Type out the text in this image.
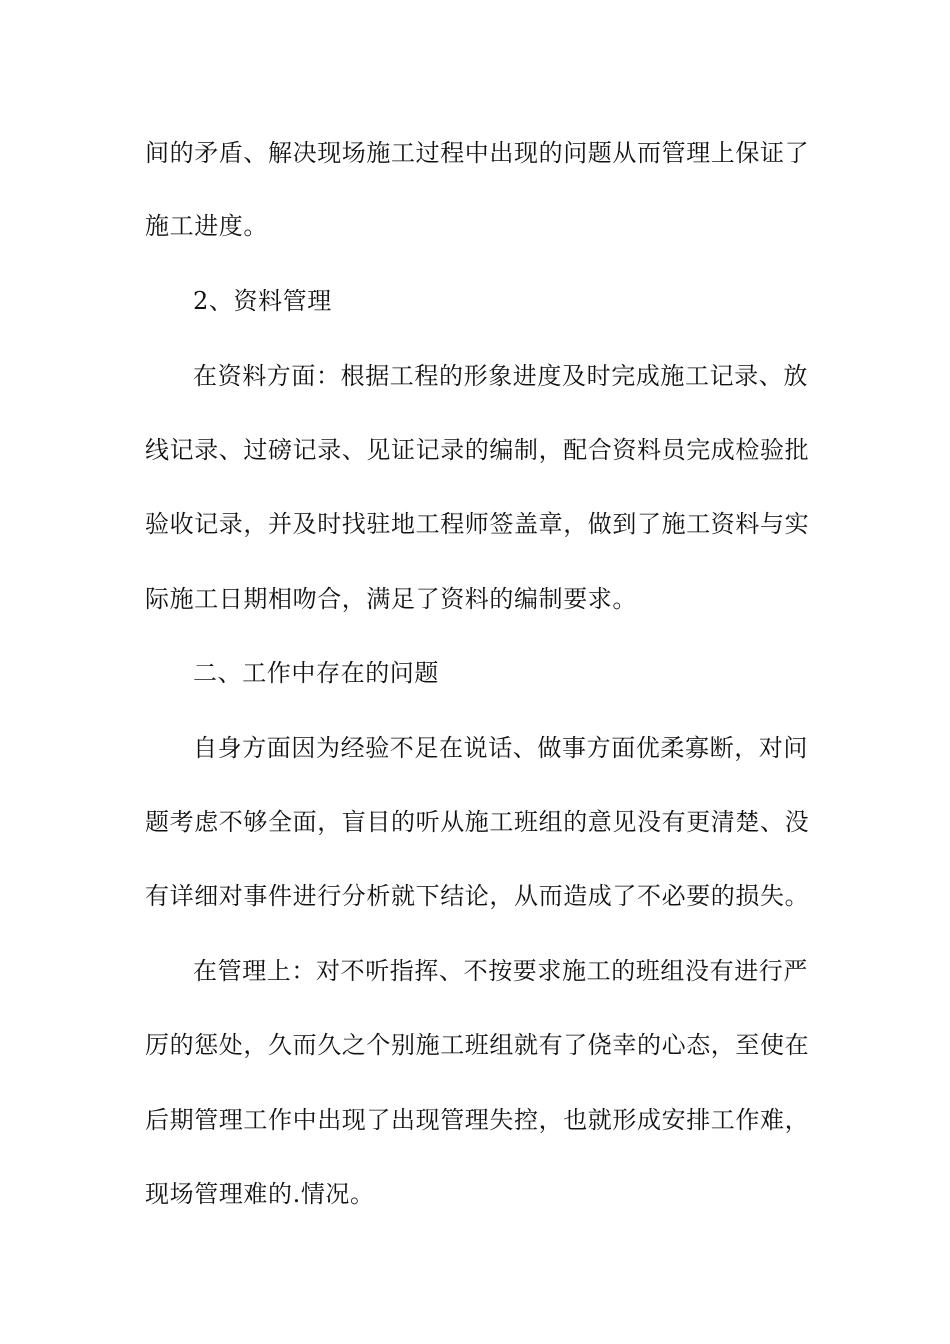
间的矛盾、解决现场施工过程中出现的问题从而管理上保证了
施工进度。
2、资料管理
在资料方面：根据工程的形象进度及时完成施工记录、放
线记录、过磅记录、见证记录的编制，配合资料员完成检验批
验收记录，并及时找驻地工程师签盖章，做到了施工资料与实
际施工日期相吻合，满足了资料的编制要求。
二、工作中存在的问题
自身方面因为经验不足在说话、做事方面优柔寡断，对问
题考虑不够全面，盲目的听从施工班组的意见没有更清楚、没
有详细对事件进行分析就下结论，从而造成了不必要的损失。
在管理上：对不听指挥、不按要求施工的班组没有进行严
厉的惩处，久而久之个别施工班组就有了侥幸的心态，至使在
后期管理工作中出现了出现管理失控，也就形成安排工作难，
现场管理难的.情况。
